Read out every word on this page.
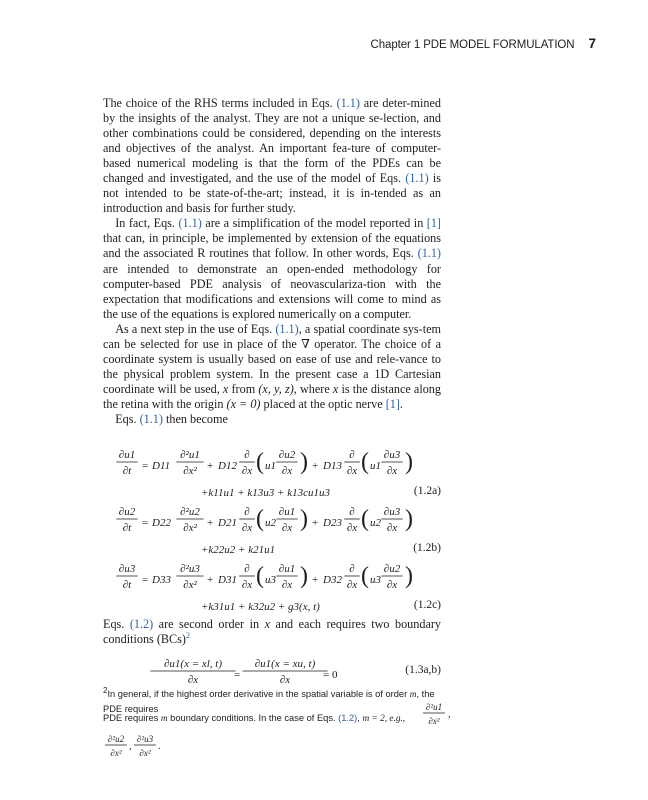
Chapter 1 PDE MODEL FORMULATION 7

The choice of the RHS terms included in Eqs. (1.1) are deter-mined by the insights of the analyst. They are not a unique se-lection, and other combinations could be considered, depending on the interests and objectives of the analyst. An important fea-ture of computer-based numerical modeling is that the form of the PDEs can be changed and investigated, and the use of the model of Eqs. (1.1) is not intended to be state-of-the-art; instead, it is in-tended as an introduction and basis for further study.

In fact, Eqs. (1.1) are a simplification of the model reported in [1] that can, in principle, be implemented by extension of the equations and the associated R routines that follow. In other words, Eqs. (1.1) are intended to demonstrate an open-ended methodology for computer-based PDE analysis of neovasculariza-tion with the expectation that modifications and extensions will come to mind as the use of the equations is explored numerically on a computer.

As a next step in the use of Eqs. (1.1), a spatial coordinate sys-tem can be selected for use in place of the ∇ operator. The choice of a coordinate system is usually based on ease of use and rele-vance to the physical problem system. In the present case a 1D Cartesian coordinate will be used, x from (x, y, z), where x is the distance along the retina with the origin (x = 0) placed at the optic nerve [1].

Eqs. (1.1) then become

∂u1
∂t = D11
∂²u1
∂x² + D12
∂
∂x ( u1
∂u2
∂x ) + D13
∂
∂x ( u1
∂u3
∂x )
+k11u1 + k13u3 + k13cu1u3	(1.2a)
∂u2
∂t = D22
∂²u2
∂x² + D21
∂
∂x ( u2
∂u1
∂x ) + D23
∂
∂x ( u2
∂u3
∂x )
+k22u2 + k21u1	(1.2b)
∂u3
∂t = D33
∂²u3
∂x² + D31
∂
∂x ( u3
∂u1
∂x ) + D32
∂
∂x ( u3
∂u2
∂x )
+k31u1 + k32u2 + g3(x, t)	(1.2c)

Eqs. (1.2) are second order in x and each requires two boundary conditions (BCs)$^2$

∂u1(x = xl, t)
∂x	=
∂u1(x = xu, t)
∂x	= 0	(1.3a,b)
2In general, if the highest order derivative in the spatial variable is of order m, the PDE requires
PDE requires m boundary conditions. In the case of Eqs. (1.2), m = 2, e.g.,
∂²u1
∂x²
,
∂²u2
∂x²
,
∂²u3
∂x²
.
